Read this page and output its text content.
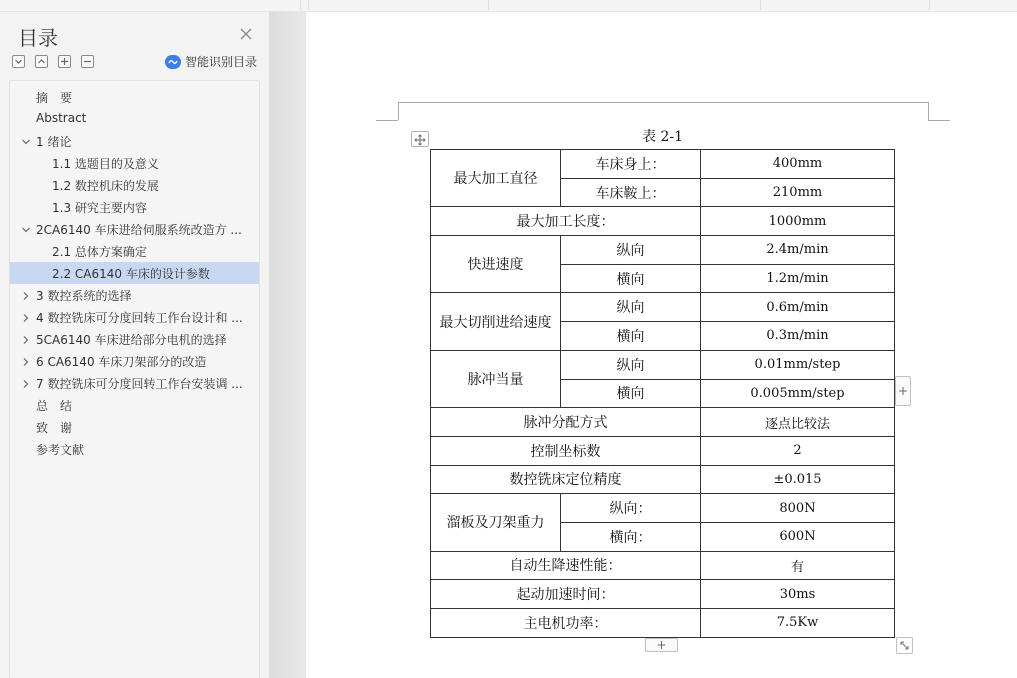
目录
智能识别目录
摘　要
Abstract
1 绪论
1.1 选题目的及意义
1.2 数控机床的发展
1.3 研究主要内容
2CA6140 车床进给伺服系统改造方 ...
2.1 总体方案确定
2.2 CA6140 车床的设计参数
3 数控系统的选择
4 数控铣床可分度回转工作台设计和 ...
5CA6140 车床进给部分电机的选择
6 CA6140 车床刀架部分的改造
7 数控铣床可分度回转工作台安装调 ...
总　结
致　谢
参考文献
表 2-1
最大加工直径	车床身上：	400mm
	车床鞍上：	210mm
最大加工长度：		1000mm
快进速度	纵向	2.4m/min
	横向	1.2m/min
最大切削进给速度	纵向	0.6m/min
	横向	0.3m/min
脉冲当量	纵向	0.01mm/step
	横向	0.005mm/step
脉冲分配方式		逐点比较法
控制坐标数		2
数控铣床定位精度		±0.015
溜板及刀架重力	纵向：	800N
	横向：	600N
自动生降速性能：		有
起动加速时间：		30ms
主电机功率：		7.5Kw
+
+
